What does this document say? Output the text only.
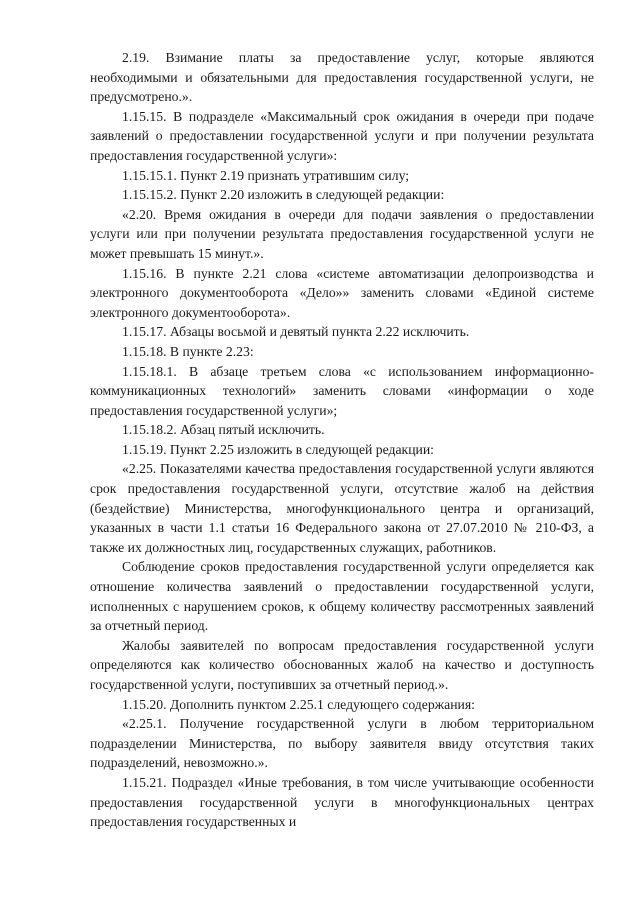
2.19. Взимание платы за предоставление услуг, которые являются необходимыми и обязательными для предоставления государственной услуги, не предусмотрено.».

1.15.15. В подразделе «Максимальный срок ожидания в очереди при подаче заявлений о предоставлении государственной услуги и при получении результата предоставления государственной услуги»:

1.15.15.1. Пункт 2.19 признать утратившим силу;

1.15.15.2. Пункт 2.20 изложить в следующей редакции:

«2.20. Время ожидания в очереди для подачи заявления о предоставлении услуги или при получении результата предоставления государственной услуги не может превышать 15 минут.».

1.15.16. В пункте 2.21 слова «системе автоматизации делопроизводства и электронного документооборота «Дело»» заменить словами «Единой системе электронного документооборота».

1.15.17. Абзацы восьмой и девятый пункта 2.22 исключить.

1.15.18. В пункте 2.23:

1.15.18.1. В абзаце третьем слова «с использованием информационно-коммуникационных технологий» заменить словами «информации о ходе предоставления государственной услуги»;

1.15.18.2. Абзац пятый исключить.

1.15.19. Пункт 2.25 изложить в следующей редакции:

«2.25. Показателями качества предоставления государственной услуги являются срок предоставления государственной услуги, отсутствие жалоб на действия (бездействие) Министерства, многофункционального центра и организаций, указанных в части 1.1 статьи 16 Федерального закона от 27.07.2010 № 210-ФЗ, а также их должностных лиц, государственных служащих, работников.

Соблюдение сроков предоставления государственной услуги определяется как отношение количества заявлений о предоставлении государственной услуги, исполненных с нарушением сроков, к общему количеству рассмотренных заявлений за отчетный период.

Жалобы заявителей по вопросам предоставления государственной услуги определяются как количество обоснованных жалоб на качество и доступность государственной услуги, поступивших за отчетный период.».

1.15.20. Дополнить пунктом 2.25.1 следующего содержания:

«2.25.1. Получение государственной услуги в любом территориальном подразделении Министерства, по выбору заявителя ввиду отсутствия таких подразделений, невозможно.».

1.15.21. Подраздел «Иные требования, в том числе учитывающие особенности предоставления государственной услуги в многофункциональных центрах предоставления государственных и
